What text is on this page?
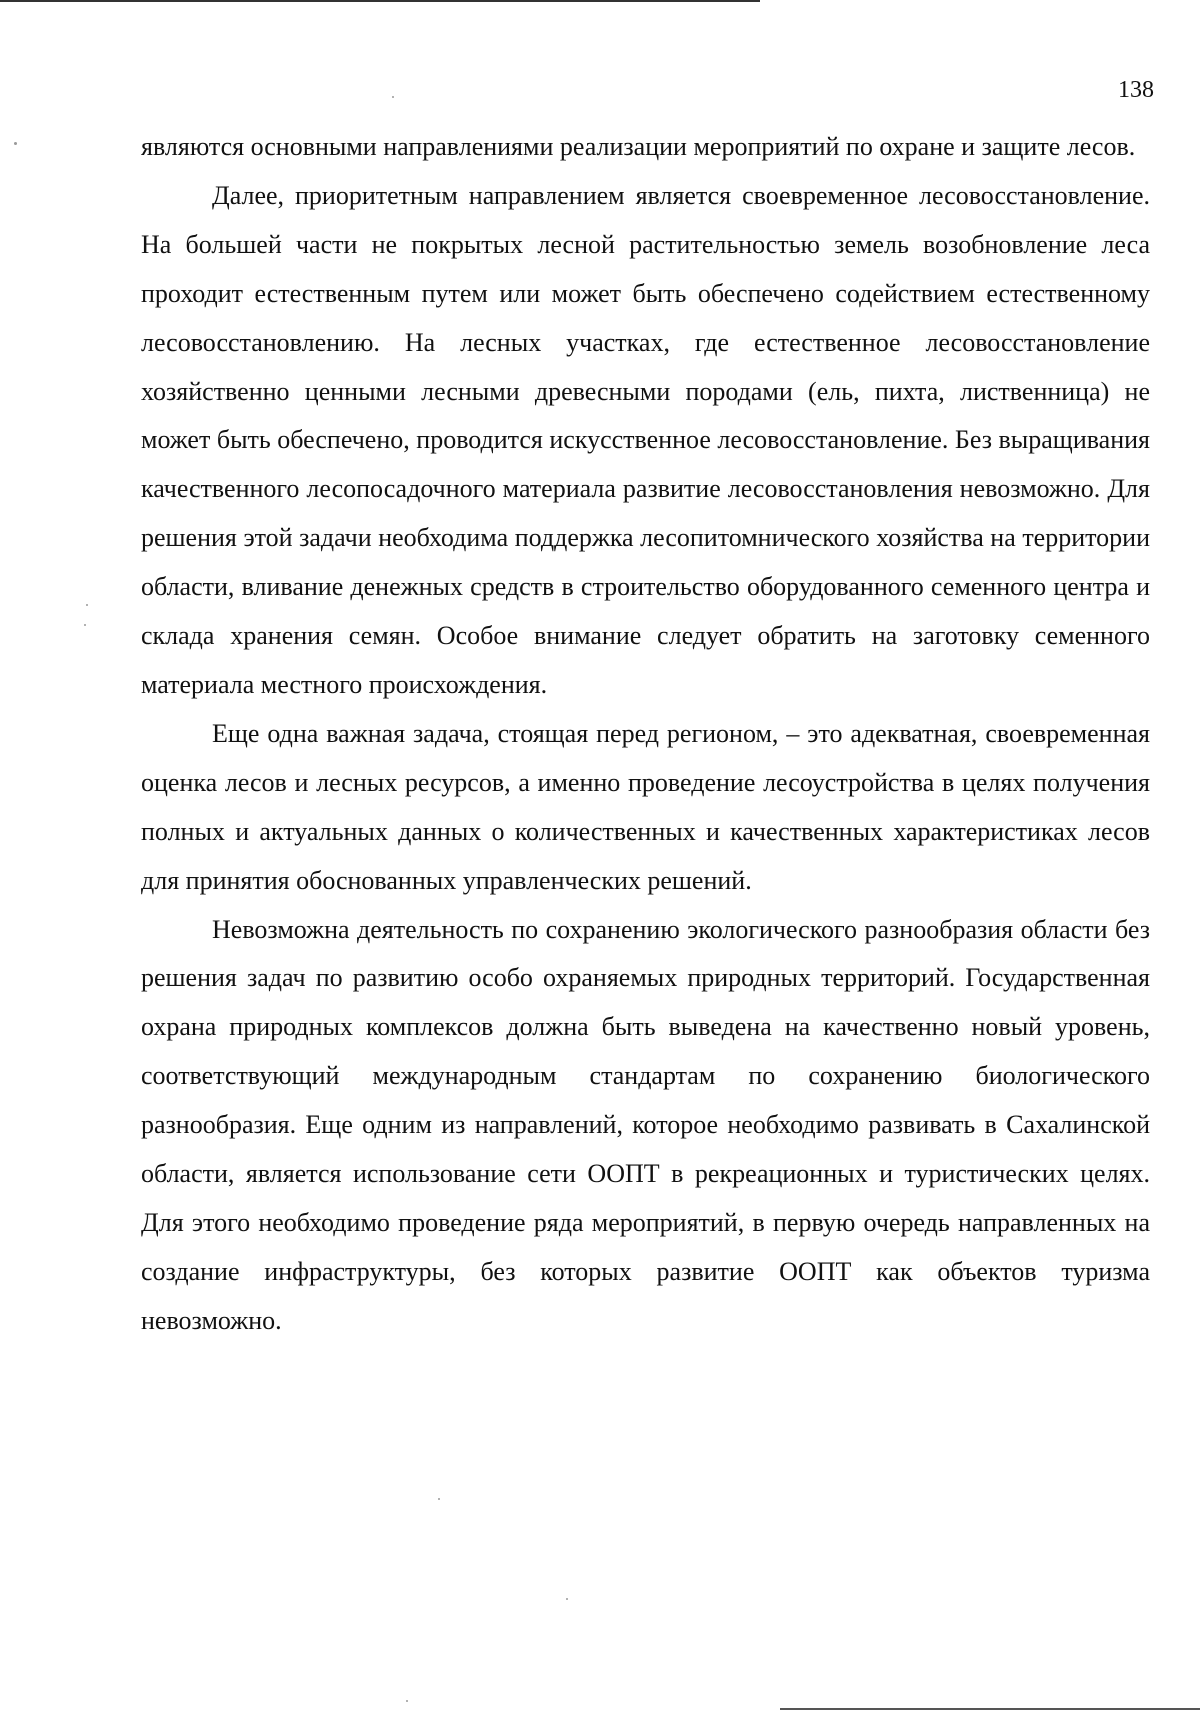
138

являются основными направлениями реализации мероприятий по охране и защите лесов.

Далее, приоритетным направлением является своевременное лесовосстановление. На большей части не покрытых лесной растительностью земель возобновление леса проходит естественным путем или может быть обеспечено содействием естественному лесовосстановлению. На лесных участках, где естественное лесовосстановление хозяйственно ценными лесными древесными породами (ель, пихта, лиственница) не может быть обеспечено, проводится искусственное лесовосстановление. Без выращивания качественного лесопосадочного материала развитие лесовосстановления невозможно. Для решения этой задачи необходима поддержка лесопитомнического хозяйства на территории области, вливание денежных средств в строительство оборудованного семенного центра и склада хранения семян. Особое внимание следует обратить на заготовку семенного материала местного происхождения.

Еще одна важная задача, стоящая перед регионом, – это адекватная, своевременная оценка лесов и лесных ресурсов, а именно проведение лесоустройства в целях получения полных и актуальных данных о количественных и качественных характеристиках лесов для принятия обоснованных управленческих решений.

Невозможна деятельность по сохранению экологического разнообразия области без решения задач по развитию особо охраняемых природных территорий. Государственная охрана природных комплексов должна быть выведена на качественно новый уровень, соответствующий международным стандартам по сохранению биологического разнообразия. Еще одним из направлений, которое необходимо развивать в Сахалинской области, является использование сети ООПТ в рекреационных и туристических целях. Для этого необходимо проведение ряда мероприятий, в первую очередь направленных на создание инфраструктуры, без которых развитие ООПТ как объектов туризма невозможно.
